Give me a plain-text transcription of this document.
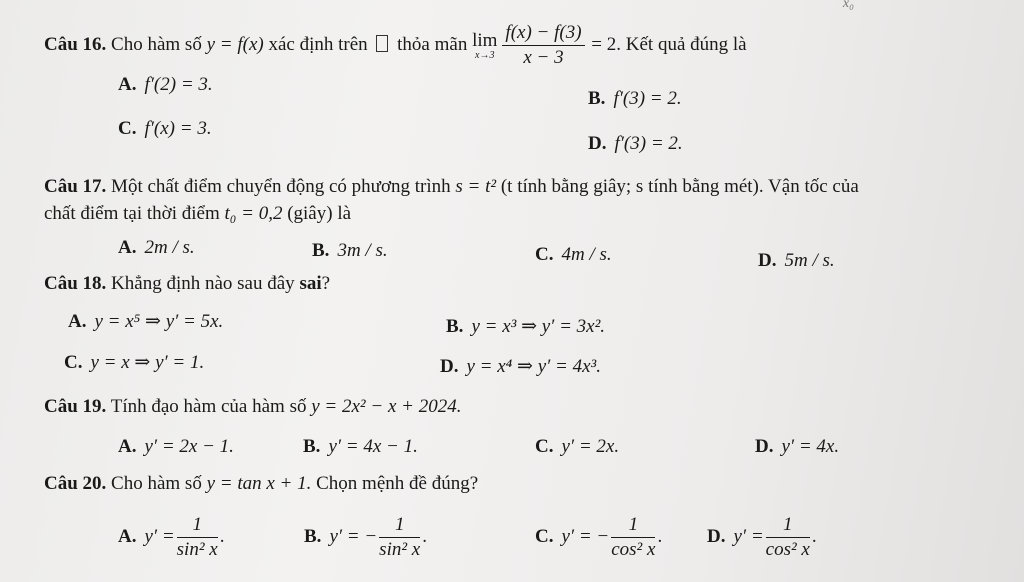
x₀
Câu 16. Cho hàm số y = f(x) xác định trên thỏa mãn lim
$x\to 3 \frac{f(x) - f(3)}{x - 3} = 2$. Kết quả đúng là
A. f′(2) = 3.
B. f′(3) = 2.
C. f′(x) = 3.
D. f′(3) = 2.
Câu 17. Một chất điểm chuyển động có phương trình s = t² (t tính bằng giây; s tính bằng mét). Vận tốc của
chất điểm tại thời điểm t₀ = 0,2 (giây) là
A. 2m / s.	B. 3m / s.	C. 4m / s.	D. 5m / s.
Câu 18. Khẳng định nào sau đây sai?
A. y = x⁵ ⇒ y′ = 5x.	B. y = x³ ⇒ y′ = 3x².
C. y = x ⇒ y′ = 1.	D. y = x⁴ ⇒ y′ = 4x³.
Câu 19. Tính đạo hàm của hàm số y = 2x² − x + 2024.
A. y′ = 2x − 1.	B. y′ = 4x − 1.	C. y′ = 2x.	D. y′ = 4x.
Câu 20. Cho hàm số y = tan x + 1. Chọn mệnh đề đúng?
A. $y' = \frac{1}{\text{sin² x}}$ .	B. y′ = − $\frac{1}{\text{sin² x}}$ .	C. y′ = − $\frac{1}{\text{cos² x}}$ . D. $y' = \frac{1}{\text{cos² x}}$ .
